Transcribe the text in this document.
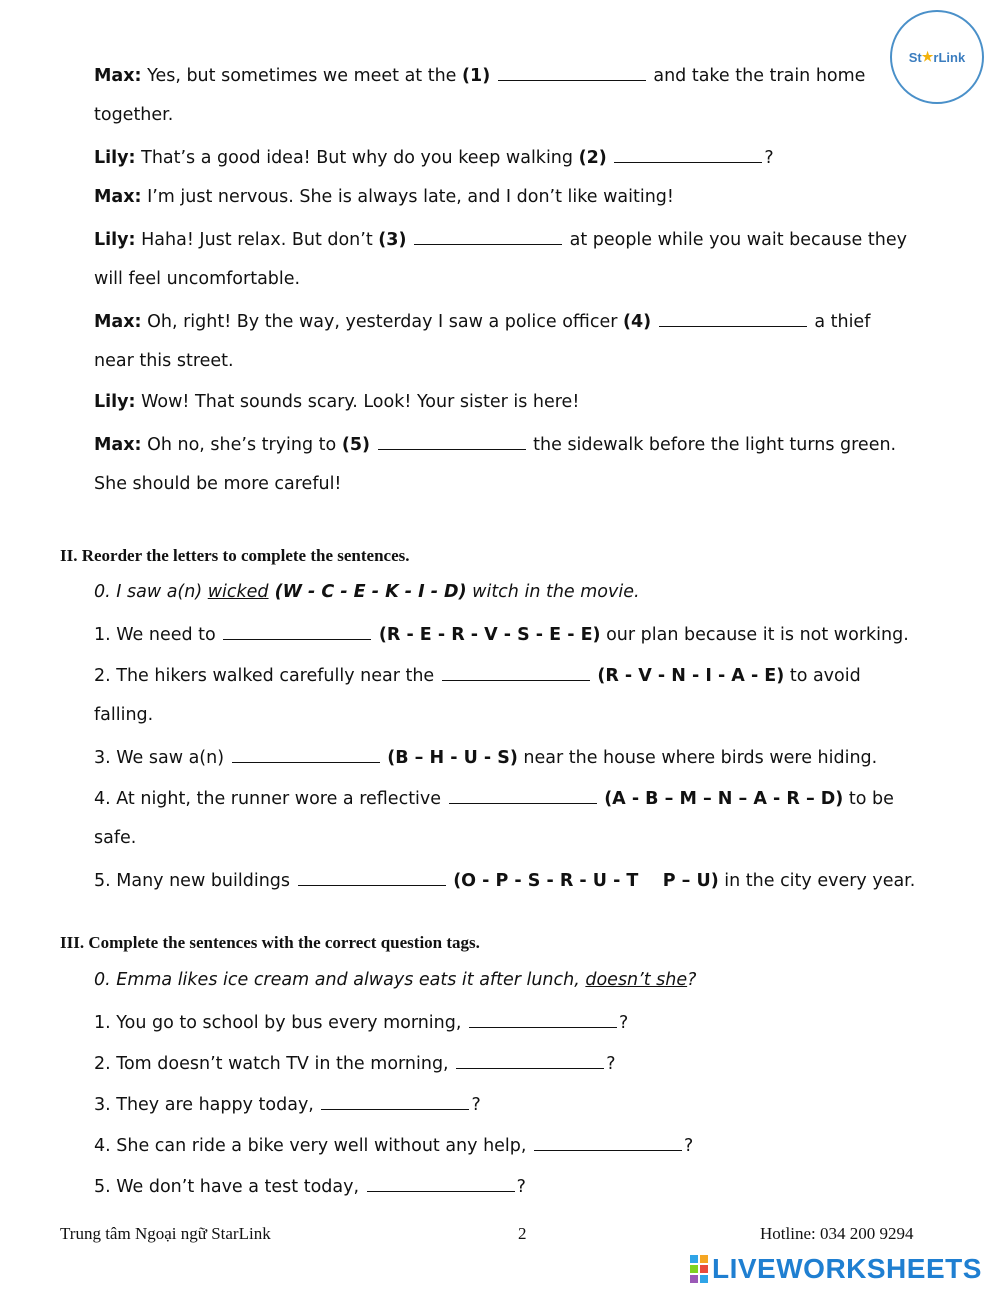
St ★ rLink
Max: Yes, but sometimes we meet at the (1)	and take the train home
together.
Lily: That’s a good idea! But why do you keep walking (2)	?
Max: I’m just nervous. She is always late, and I don’t like waiting!
Lily: Haha! Just relax. But don’t (3)	at people while you wait because they
will feel uncomfortable.
Max: Oh, right! By the way, yesterday I saw a police officer (4)	a thief
near this street.
Lily: Wow! That sounds scary. Look! Your sister is here!
Max: Oh no, she’s trying to (5)	the sidewalk before the light turns green.
She should be more careful!
II. Reorder the letters to complete the sentences.
0. I saw a(n) wicked (W - C - E - K - I - D) witch in the movie.
1. We need to	(R - E - R - V - S - E - E) our plan because it is not working.
2. The hikers walked carefully near the	(R - V - N - I - A - E) to avoid
falling.
3. We saw a(n)	(B – H - U - S) near the house where birds were hiding.
4. At night, the runner wore a reflective	(A - B – M – N – A - R – D) to be
safe.
5. Many new buildings	(O - P - S - R - U - T    P – U) in the city every year.
III. Complete the sentences with the correct question tags.
0. Emma likes ice cream and always eats it after lunch, doesn’t she?
1. You go to school by bus every morning,	?
2. Tom doesn’t watch TV in the morning,	?
3. They are happy today,	?
4. She can ride a bike very well without any help,	?
5. We don’t have a test today,	?
Trung tâm Ngoại ngữ StarLink	2	Hotline: 034 200 9294
LIVEWORKSHEETS
